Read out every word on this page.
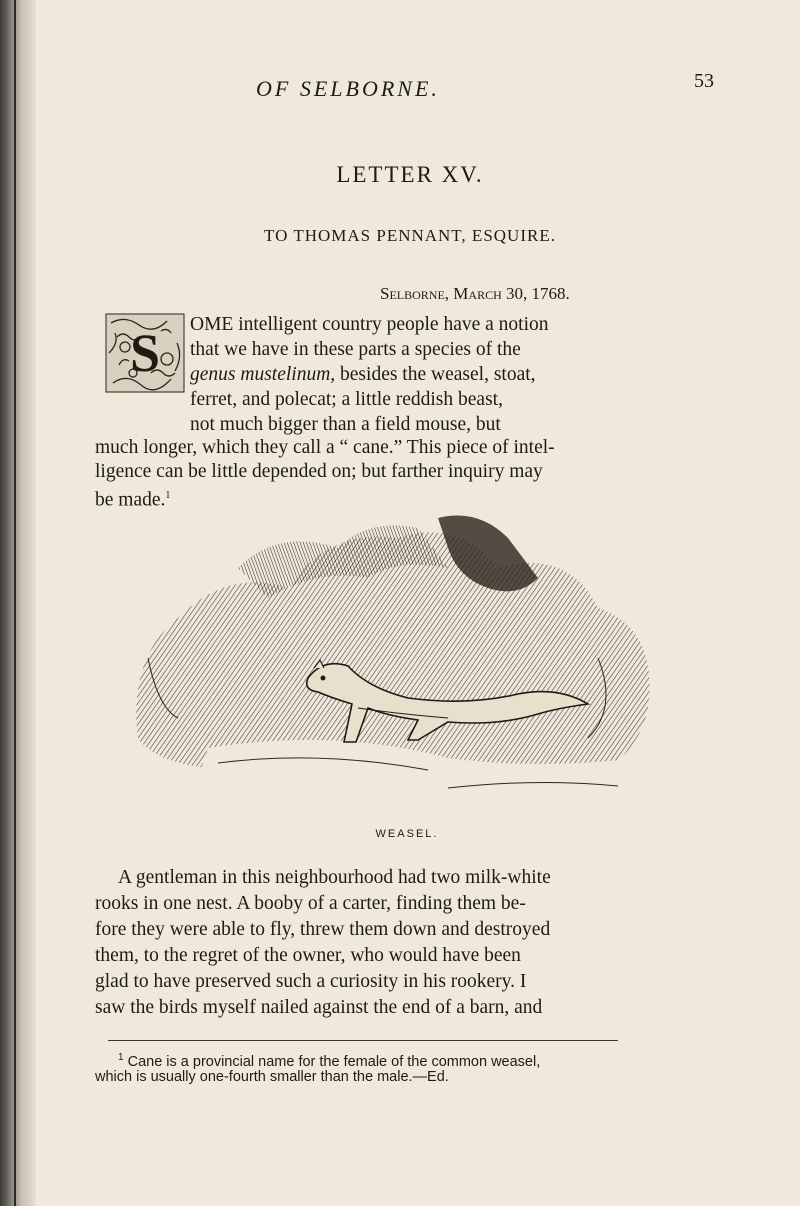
OF SELBORNE.	53
LETTER XV.
TO THOMAS PENNANT, ESQUIRE.
Selborne, March 30, 1768.
S OME intelligent country people have a notion
that we have in these parts a species of the
genus mustelinum, besides the weasel, stoat,
ferret, and polecat; a little reddish beast,
not much bigger than a field mouse, but
much longer, which they call a “ cane.” This piece of intel-
ligence can be little depended on; but farther inquiry may
be made.$^1$
WEASEL.
A gentleman in this neighbourhood had two milk-white
rooks in one nest. A booby of a carter, finding them be-
fore they were able to fly, threw them down and destroyed
them, to the regret of the owner, who would have been
glad to have preserved such a curiosity in his rookery. I
saw the birds myself nailed against the end of a barn, and
$^1$ Cane is a provincial name for the female of the common weasel,
which is usually one-fourth smaller than the male.—Ed.
